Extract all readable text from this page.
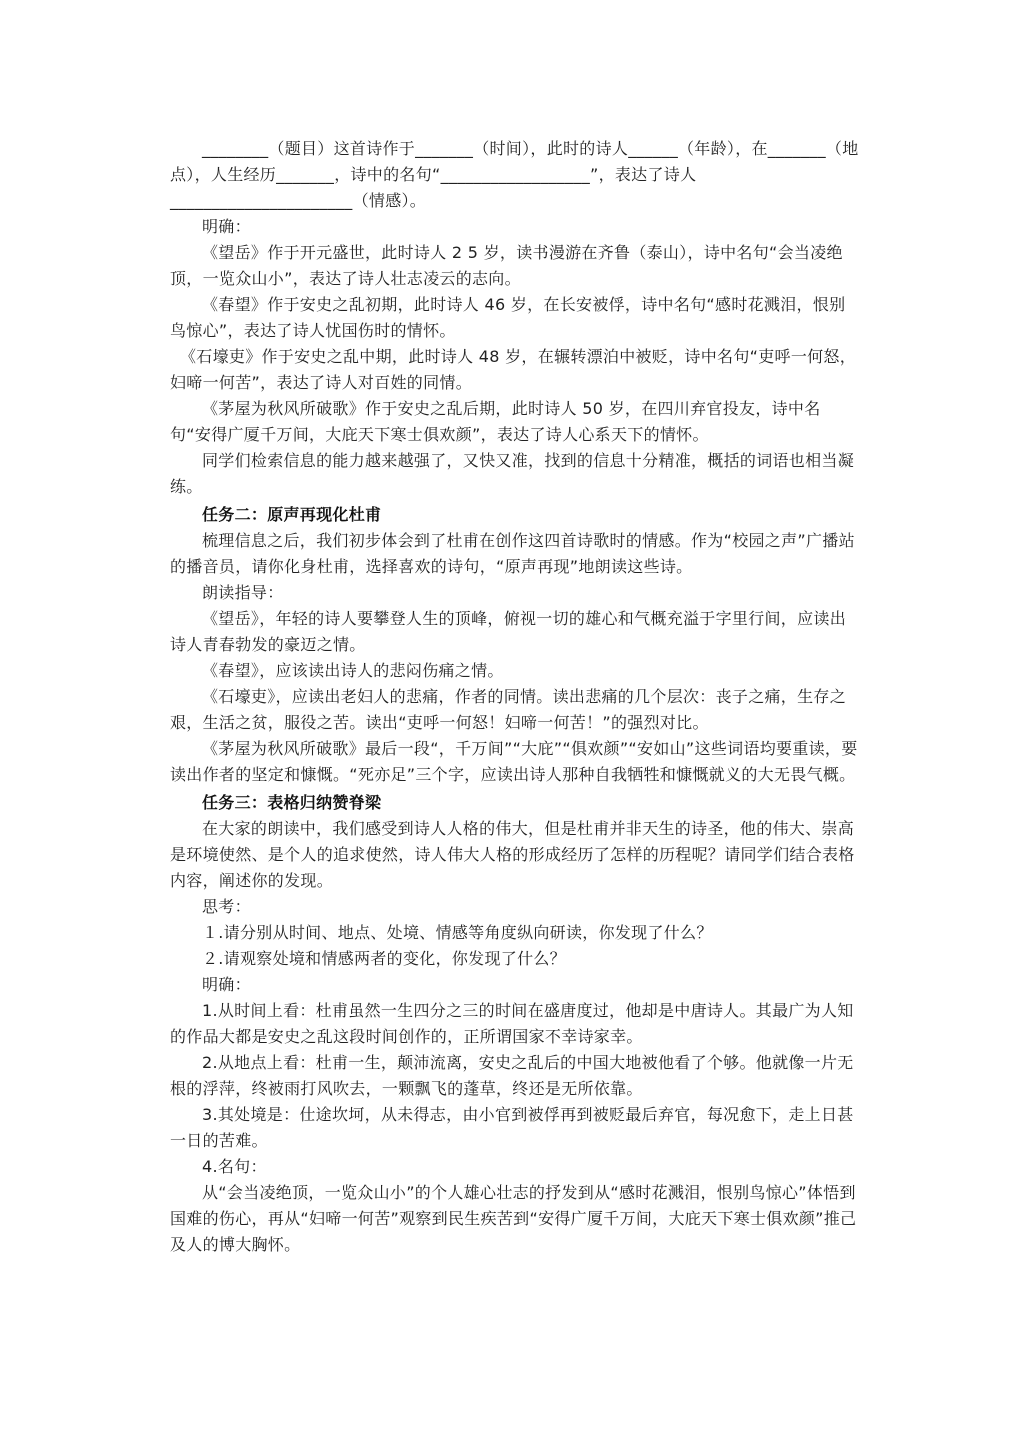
________（题目）这首诗作于_______（时间），此时的诗人______（年龄），在_______（地点），人生经历_______，诗中的名句“__________________”，表达了诗人______________________（情感）。

明确：

《望岳》作于开元盛世，此时诗人 2 5 岁，读书漫游在齐鲁（泰山），诗中名句“会当凌绝顶，一览众山小”，表达了诗人壮志凌云的志向。

《春望》作于安史之乱初期，此时诗人 46 岁，在长安被俘，诗中名句“感时花溅泪，恨别鸟惊心”，表达了诗人忧国伤时的情怀。

《石壕吏》作于安史之乱中期，此时诗人 48 岁，在辗转漂泊中被贬，诗中名句“吏呼一何怒，妇啼一何苦”，表达了诗人对百姓的同情。

《茅屋为秋风所破歌》作于安史之乱后期，此时诗人 50 岁，在四川弃官投友，诗中名句“安得广厦千万间，大庇天下寒士俱欢颜”，表达了诗人心系天下的情怀。

同学们检索信息的能力越来越强了，又快又准，找到的信息十分精准，概括的词语也相当凝练。

任务二：原声再现化杜甫

梳理信息之后，我们初步体会到了杜甫在创作这四首诗歌时的情感。作为“校园之声”广播站的播音员，请你化身杜甫，选择喜欢的诗句，“原声再现”地朗读这些诗。

朗读指导：

《望岳》，年轻的诗人要攀登人生的顶峰，俯视一切的雄心和气概充溢于字里行间，应读出诗人青春勃发的豪迈之情。

《春望》，应该读出诗人的悲闷伤痛之情。

《石壕吏》，应读出老妇人的悲痛，作者的同情。读出悲痛的几个层次：丧子之痛，生存之艰，生活之贫，服役之苦。读出“吏呼一何怒！妇啼一何苦！”的强烈对比。

《茅屋为秋风所破歌》最后一段“，千万间”“大庇”“俱欢颜”“安如山”这些词语均要重读，要读出作者的坚定和慷慨。“死亦足”三个字，应读出诗人那种自我牺牲和慷慨就义的大无畏气概。

任务三：表格归纳赞脊梁

在大家的朗读中，我们感受到诗人人格的伟大，但是杜甫并非天生的诗圣，他的伟大、崇高是环境使然、是个人的追求使然，诗人伟大人格的形成经历了怎样的历程呢？请同学们结合表格内容，阐述你的发现。

思考：

１.请分别从时间、地点、处境、情感等角度纵向研读，你发现了什么？

２.请观察处境和情感两者的变化，你发现了什么？

明确：

1.从时间上看：杜甫虽然一生四分之三的时间在盛唐度过，他却是中唐诗人。其最广为人知的作品大都是安史之乱这段时间创作的，正所谓国家不幸诗家幸。

2.从地点上看：杜甫一生，颠沛流离，安史之乱后的中国大地被他看了个够。他就像一片无根的浮萍，终被雨打风吹去，一颗飘飞的蓬草，终还是无所依靠。

3.其处境是：仕途坎坷，从未得志，由小官到被俘再到被贬最后弃官，每况愈下，走上日甚一日的苦难。

4.名句：

从“会当凌绝顶，一览众山小”的个人雄心壮志的抒发到从“感时花溅泪，恨别鸟惊心”体悟到国难的伤心，再从“妇啼一何苦”观察到民生疾苦到“安得广厦千万间，大庇天下寒士俱欢颜”推己及人的博大胸怀。
